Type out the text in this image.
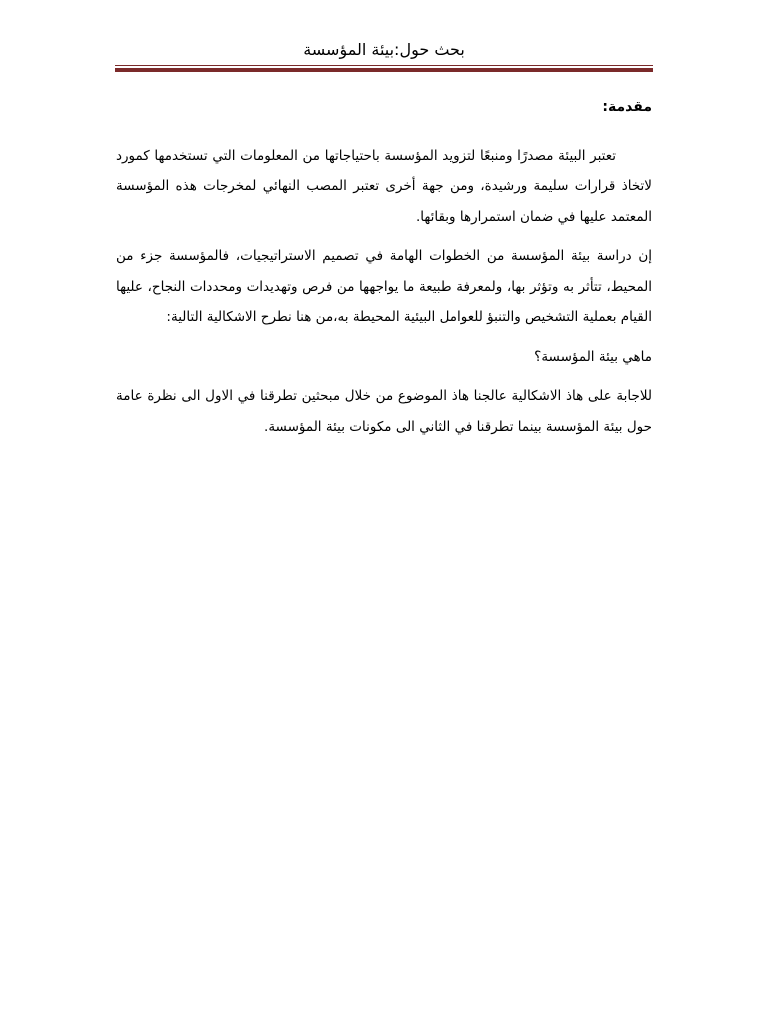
بحث حول:بيئة المؤسسة

مقدمة:

تعتبر البيئة مصدرًا ومنبعًا لتزويد المؤسسة باحتياجاتها من المعلومات التي تستخدمها كمورد لاتخاذ قرارات سليمة ورشيدة، ومن جهة أخرى تعتبر المصب النهائي لمخرجات هذه المؤسسة المعتمد عليها في ضمان استمرارها وبقائها.

إن دراسة بيئة المؤسسة من الخطوات الهامة في تصميم الاستراتيجيات، فالمؤسسة جزء من المحيط، تتأثر به وتؤثر بها، ولمعرفة طبيعة ما يواجهها من فرص وتهديدات ومحددات النجاح، عليها القيام بعملية التشخيص والتنبؤ للعوامل البيئية المحيطة به،من هنا نطرح الاشكالية التالية:

ماهي بيئة المؤسسة؟

للاجابة على هاذ الاشكالية عالجنا هاذ الموضوع من خلال مبحثين تطرقنا في الاول الى نظرة عامة حول بيئة المؤسسة بينما تطرقنا في الثاني الى مكونات بيئة المؤسسة.
